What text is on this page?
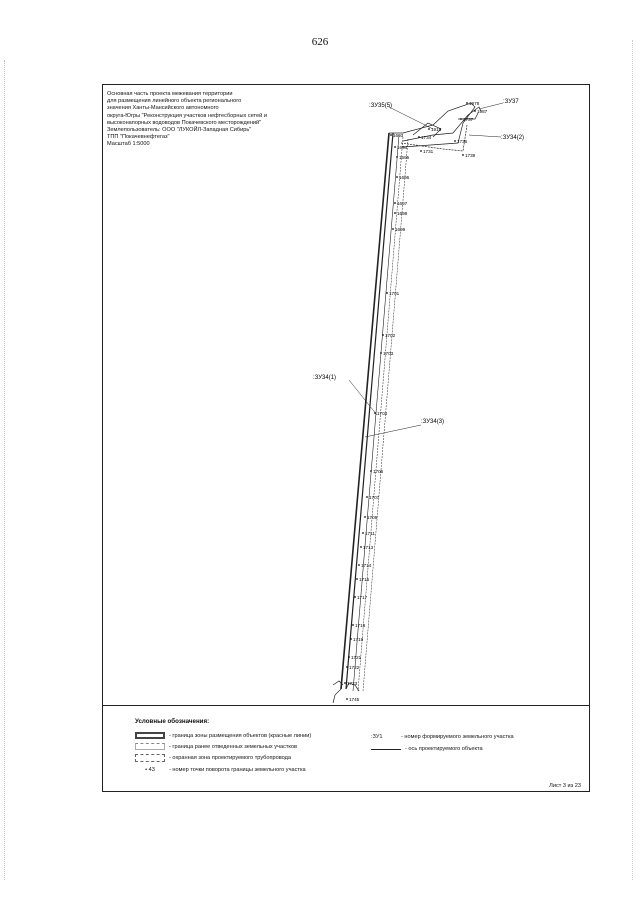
626
:ЗУ35(5)
:ЗУ37
:ЗУ34(2)
:ЗУ34(1)
:ЗУ34(3)
1978
1987
1737
1915
1736
1693	1734
1694
1731
1739
1695
1696
1697
1698
1699
1701
1702
1703
1704
1705
1707
1709
1711
1713
1714
1715
1717
1718
1719
1721
1722
1723
1745
Основная часть проекта межевания территории
для размещения линейного объекта регионального
значения Ханты-Мансийского автономного
округа-Югры "Реконструкция участков нефтесборных сетей и
высоконапорных водоводов Покачевского месторождений"
Землепользователь: ООО "ЛУКОЙЛ-Западная Сибирь"
ТПП "Покачевнефтегаз"
Масштаб 1:5000
Условные обозначения:
- граница зоны размещения объектов (красные линии)
- граница ранее отведенных земельных участков
- охранная зона проектируемого трубопровода
• 43	- номер точки поворота границы земельного участка
:ЗУ1	- номер формируемого земельного участка
- ось проектируемого объекта
Лист 3 из 23
